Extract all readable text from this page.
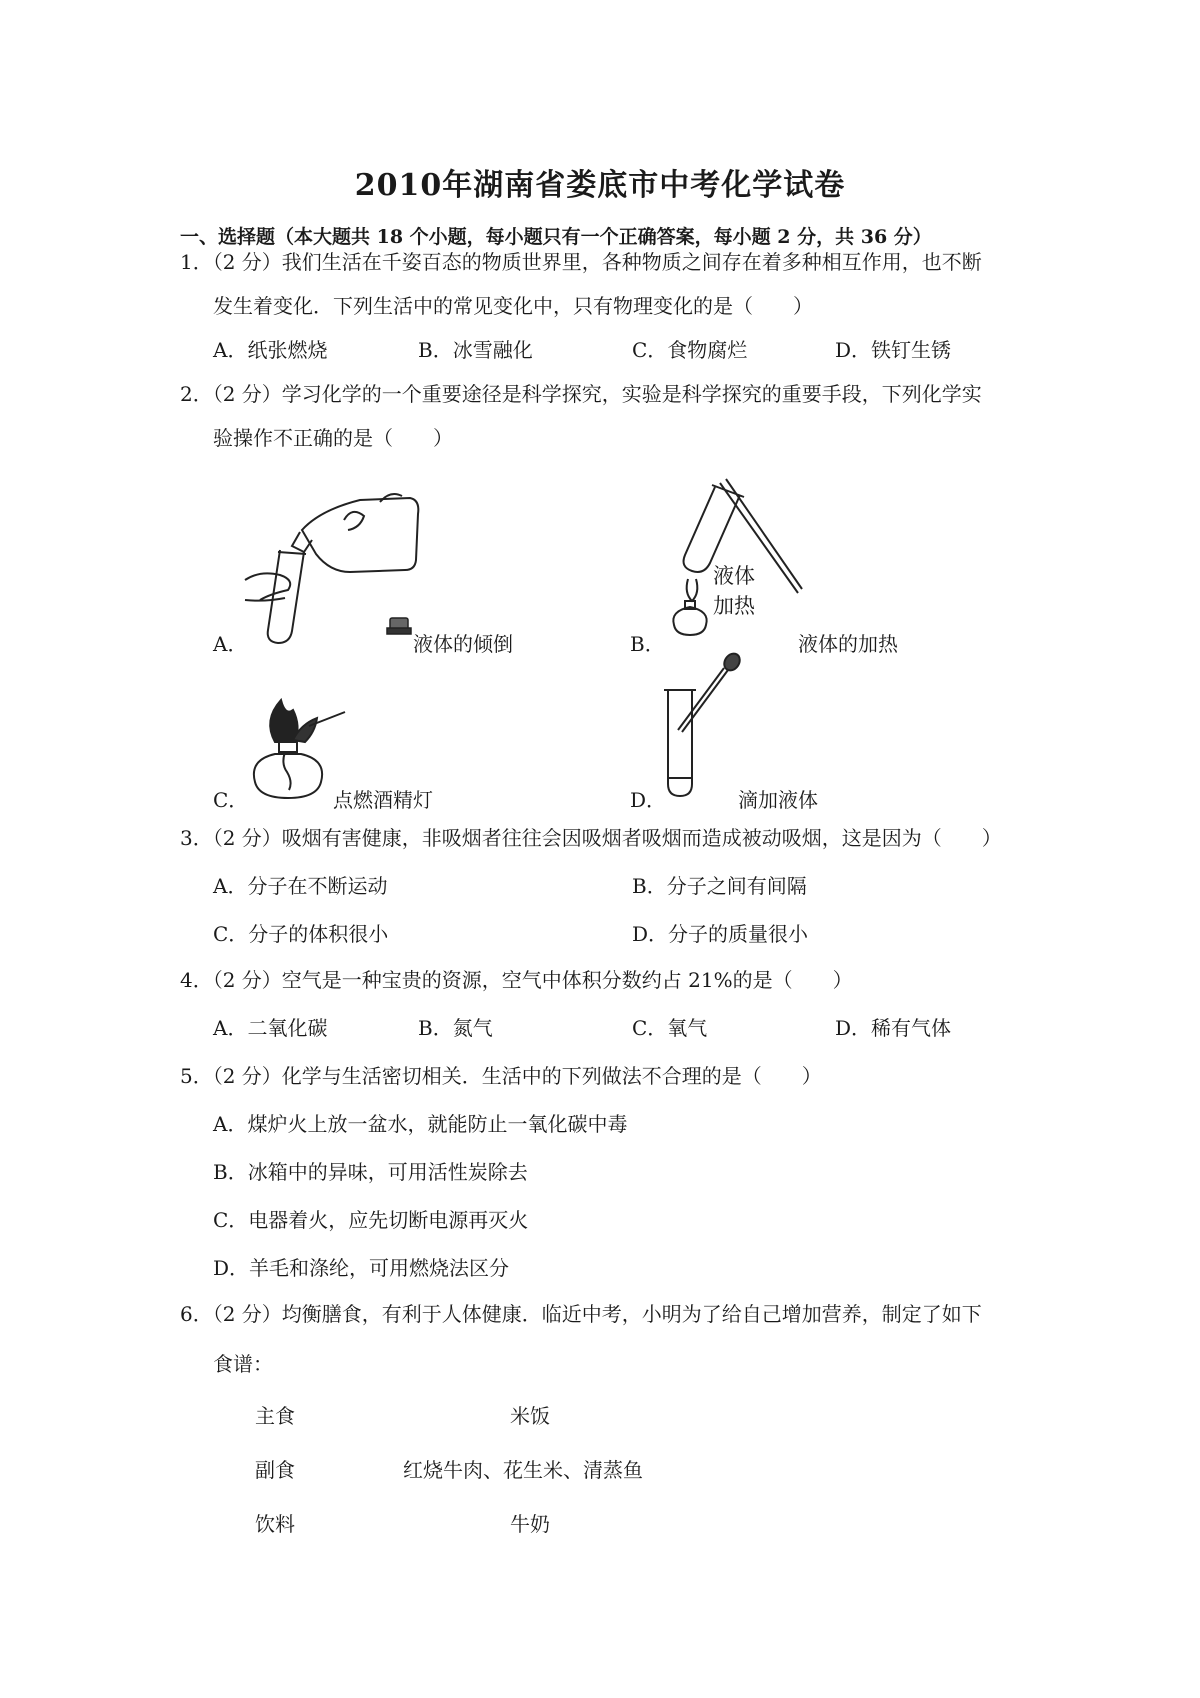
2010年湖南省娄底市中考化学试卷
一、选择题（本大题共 18 个小题，每小题只有一个正确答案，每小题 2 分，共 36 分）
1．（2 分）我们生活在千姿百态的物质世界里，各种物质之间存在着多种相互作用，也不断
发生着变化．下列生活中的常见变化中，只有物理变化的是（　　）
A．纸张燃烧	B．冰雪融化	C．食物腐烂	D．铁钉生锈
2．（2 分）学习化学的一个重要途径是科学探究，实验是科学探究的重要手段，下列化学实
验操作不正确的是（　　）
A．	液体的倾倒	B．
液体
加热
液体的加热
C．	点燃酒精灯	D．	滴加液体
3．（2 分）吸烟有害健康，非吸烟者往往会因吸烟者吸烟而造成被动吸烟，这是因为（　　）
A．分子在不断运动	B．分子之间有间隔
C．分子的体积很小	D．分子的质量很小
4．（2 分）空气是一种宝贵的资源，空气中体积分数约占 21%的是（　　）
A．二氧化碳	B．氮气	C．氧气	D．稀有气体
5．（2 分）化学与生活密切相关．生活中的下列做法不合理的是（　　）
A．煤炉火上放一盆水，就能防止一氧化碳中毒
B．冰箱中的异味，可用活性炭除去
C．电器着火，应先切断电源再灭火
D．羊毛和涤纶，可用燃烧法区分
6．（2 分）均衡膳食，有利于人体健康．临近中考，小明为了给自己增加营养，制定了如下
食谱：
主食	米饭
副食	红烧牛肉、花生米、清蒸鱼
饮料	牛奶
